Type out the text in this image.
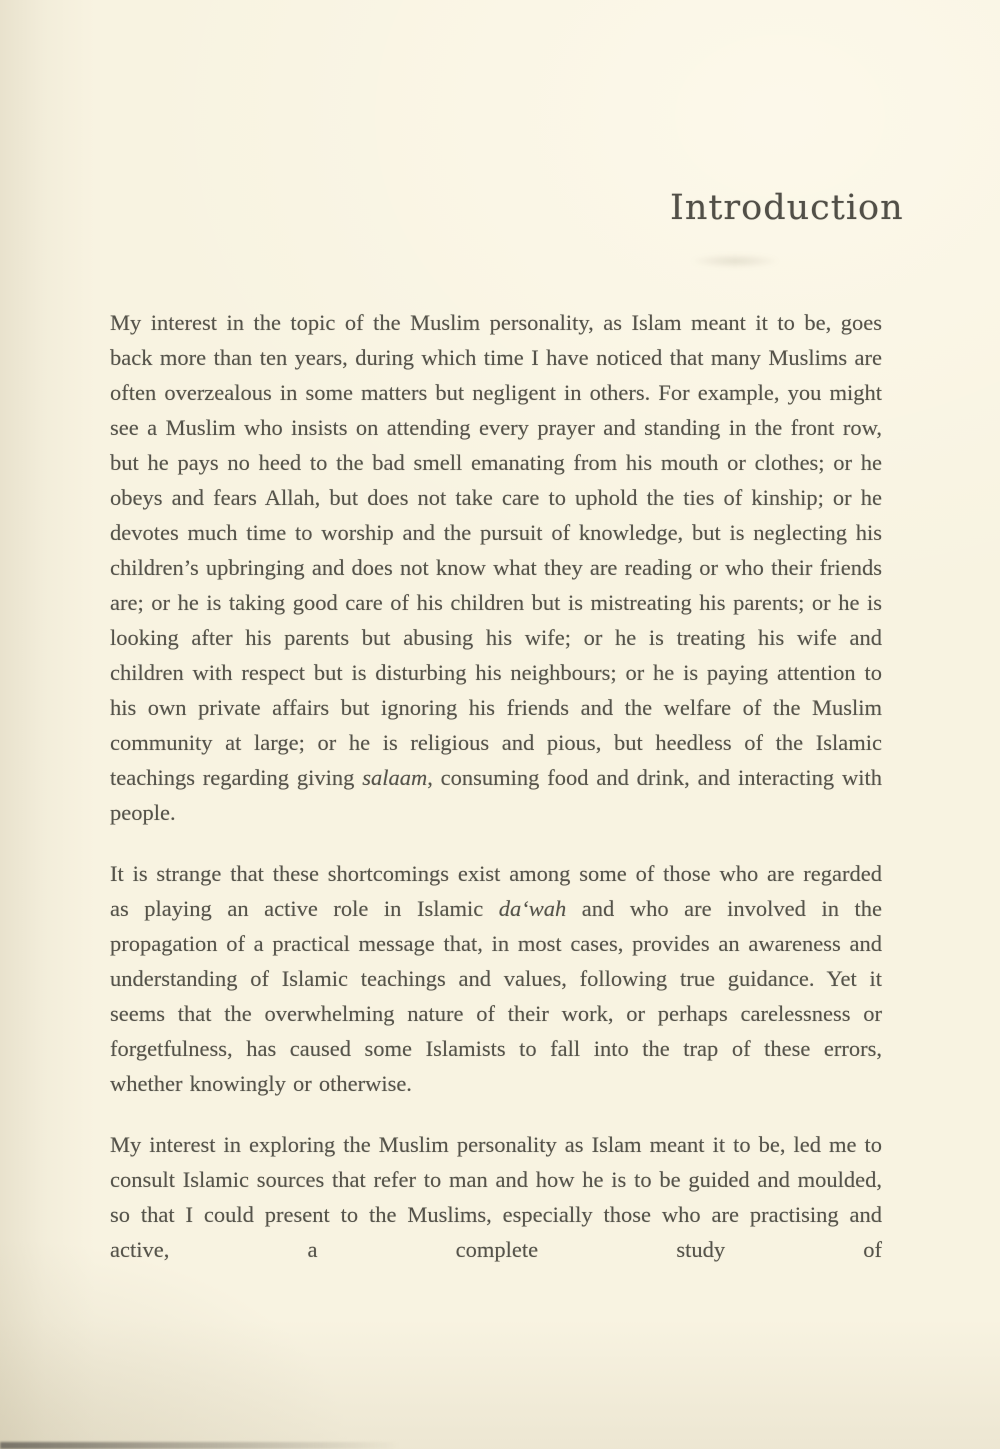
Introduction

My interest in the topic of the Muslim personality, as Islam meant it to be, goes back more than ten years, during which time I have noticed that many Muslims are often overzealous in some matters but negligent in others. For example, you might see a Muslim who insists on attending every prayer and standing in the front row, but he pays no heed to the bad smell emanating from his mouth or clothes; or he obeys and fears Allah, but does not take care to uphold the ties of kinship; or he devotes much time to worship and the pursuit of knowledge, but is neglecting his children’s upbringing and does not know what they are reading or who their friends are; or he is taking good care of his children but is mistreating his parents; or he is looking after his parents but abusing his wife; or he is treating his wife and children with respect but is disturbing his neighbours; or he is paying attention to his own private affairs but ignoring his friends and the welfare of the Muslim community at large; or he is religious and pious, but heedless of the Islamic teachings regarding giving salaam, consuming food and drink, and interacting with people.

It is strange that these shortcomings exist among some of those who are regarded as playing an active role in Islamic da‘wah and who are involved in the propagation of a practical message that, in most cases, provides an awareness and understanding of Islamic teachings and values, following true guidance. Yet it seems that the overwhelming nature of their work, or perhaps carelessness or forgetfulness, has caused some Islamists to fall into the trap of these errors, whether knowingly or otherwise.

My interest in exploring the Muslim personality as Islam meant it to be, led me to consult Islamic sources that refer to man and how he is to be guided and moulded, so that I could present to the Muslims, especially those who are practising and active, a complete study of
